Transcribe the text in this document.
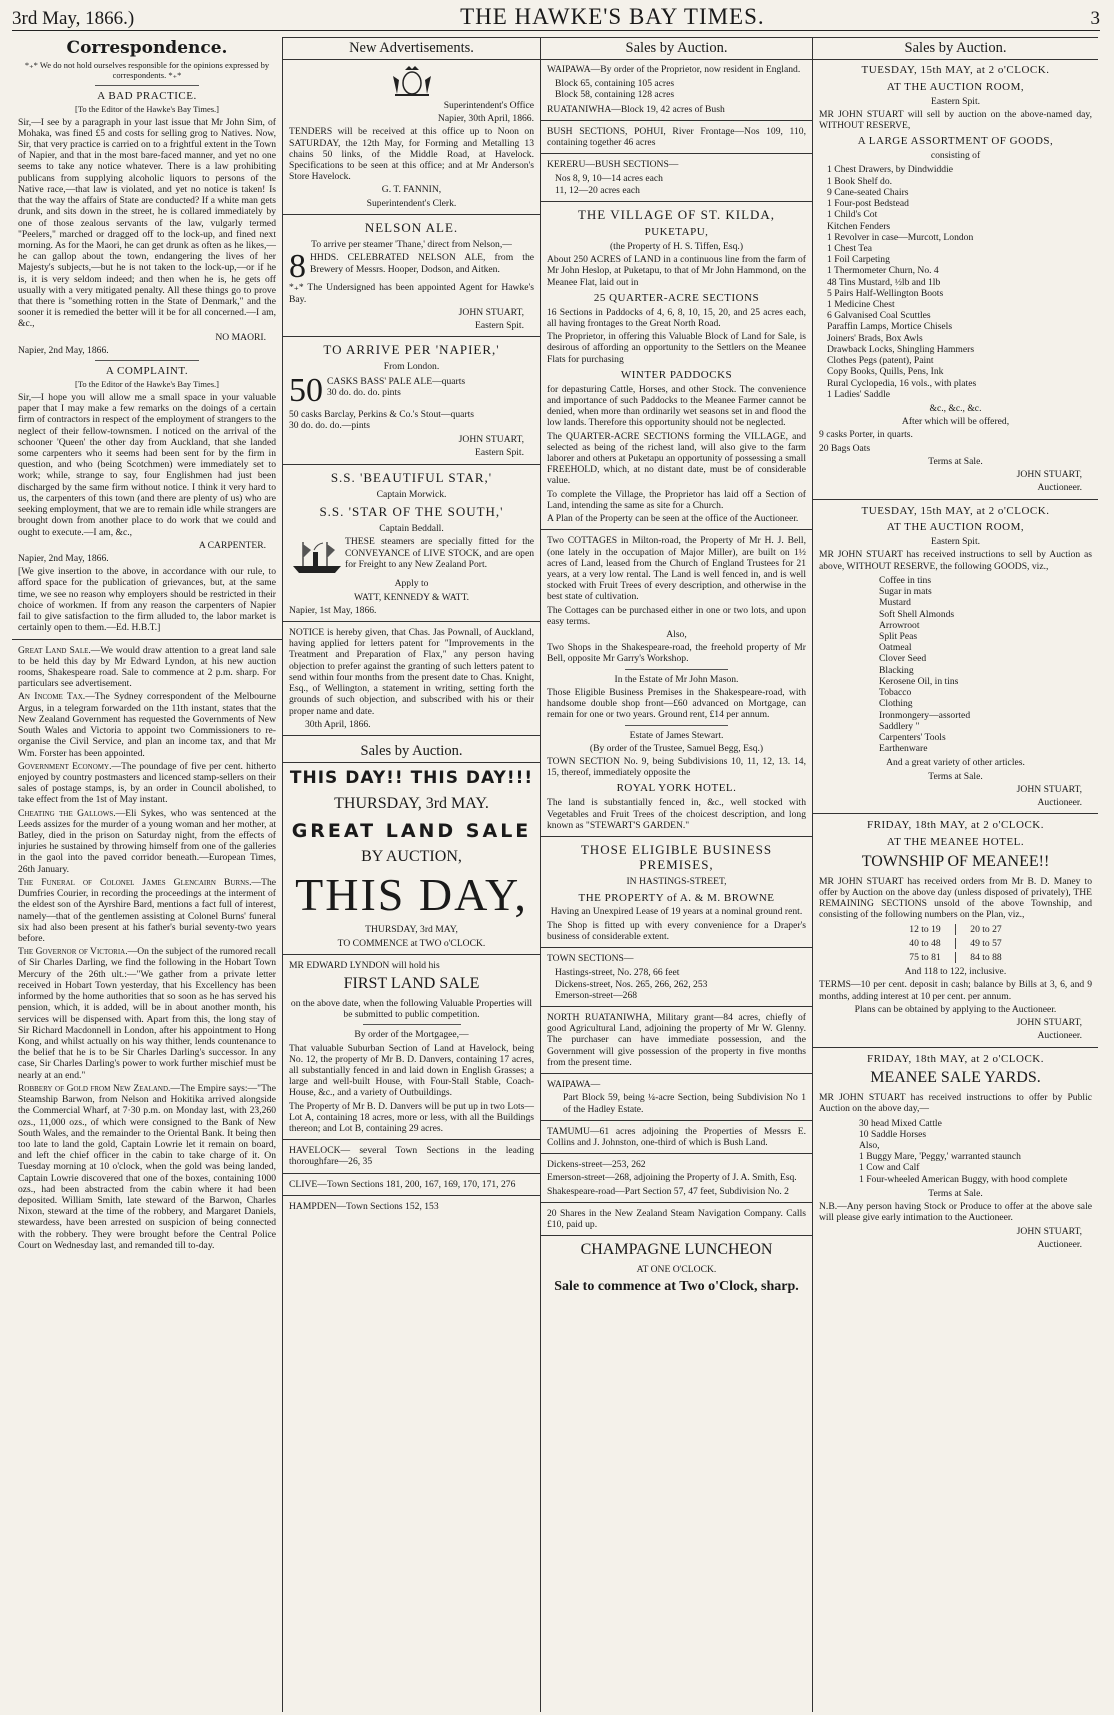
3rd May, 1866.)	THE HAWKE'S BAY TIMES.	3
Correspondence.

*₊* We do not hold ourselves responsible for the opinions expressed by correspondents. *₊*

A BAD PRACTICE.

[To the Editor of the Hawke's Bay Times.]

Sir,—I see by a paragraph in your last issue that Mr John Sim, of Mohaka, was fined £5 and costs for selling grog to Natives. Now, Sir, that very practice is carried on to a frightful extent in the Town of Napier, and that in the most bare-faced manner, and yet no one seems to take any notice whatever. There is a law prohibiting publicans from supplying alcoholic liquors to persons of the Native race,—that law is violated, and yet no notice is taken! Is that the way the affairs of State are conducted? If a white man gets drunk, and sits down in the street, he is collared immediately by one of those zealous servants of the law, vulgarly termed "Peelers," marched or dragged off to the lock-up, and fined next morning. As for the Maori, he can get drunk as often as he likes,—he can gallop about the town, endangering the lives of her Majesty's subjects,—but he is not taken to the lock-up,—or if he is, it is very seldom indeed; and then when he is, he gets off usually with a very mitigated penalty. All these things go to prove that there is "something rotten in the State of Denmark," and the sooner it is remedied the better will it be for all concerned.—I am, &c.,

NO MAORI.

Napier, 2nd May, 1866.

A COMPLAINT.

[To the Editor of the Hawke's Bay Times.]

Sir,—I hope you will allow me a small space in your valuable paper that I may make a few remarks on the doings of a certain firm of contractors in respect of the employment of strangers to the neglect of their fellow-townsmen. I noticed on the arrival of the schooner 'Queen' the other day from Auckland, that she landed some carpenters who it seems had been sent for by the firm in question, and who (being Scotchmen) were immediately set to work; while, strange to say, four Englishmen had just been discharged by the same firm without notice. I think it very hard to us, the carpenters of this town (and there are plenty of us) who are seeking employment, that we are to remain idle while strangers are brought down from another place to do work that we could and ought to execute.—I am, &c.,

A CARPENTER.

Napier, 2nd May, 1866.

[We give insertion to the above, in accordance with our rule, to afford space for the publication of grievances, but, at the same time, we see no reason why employers should be restricted in their choice of workmen. If from any reason the carpenters of Napier fail to give satisfaction to the firm alluded to, the labor market is certainly open to them.—Ed. H.B.T.]

Great Land Sale.—We would draw attention to a great land sale to be held this day by Mr Edward Lyndon, at his new auction rooms, Shakespeare road. Sale to commence at 2 p.m. sharp. For particulars see advertisement.

An Income Tax.—The Sydney correspondent of the Melbourne Argus, in a telegram forwarded on the 11th instant, states that the New Zealand Government has requested the Governments of New South Wales and Victoria to appoint two Commissioners to re-organise the Civil Service, and plan an income tax, and that Mr Wm. Forster has been appointed.

Government Economy.—The poundage of five per cent. hitherto enjoyed by country postmasters and licenced stamp-sellers on their sales of postage stamps, is, by an order in Council abolished, to take effect from the 1st of May instant.

Cheating the Gallows.—Eli Sykes, who was sentenced at the Leeds assizes for the murder of a young woman and her mother, at Batley, died in the prison on Saturday night, from the effects of injuries he sustained by throwing himself from one of the galleries in the gaol into the paved corridor beneath.—European Times, 26th January.

The Funeral of Colonel James Glencairn Burns.—The Dumfries Courier, in recording the proceedings at the interment of the eldest son of the Ayrshire Bard, mentions a fact full of interest, namely—that of the gentlemen assisting at Colonel Burns' funeral six had also been present at his father's burial seventy-two years before.

The Governor of Victoria.—On the subject of the rumored recall of Sir Charles Darling, we find the following in the Hobart Town Mercury of the 26th ult.:—"We gather from a private letter received in Hobart Town yesterday, that his Excellency has been informed by the home authorities that so soon as he has served his pension, which, it is added, will be in about another month, his services will be dispensed with. Apart from this, the long stay of Sir Richard Macdonnell in London, after his appointment to Hong Kong, and whilst actually on his way thither, lends countenance to the belief that he is to be Sir Charles Darling's successor. In any case, Sir Charles Darling's power to work further mischief must be nearly at an end."

Robbery of Gold from New Zealand.—The Empire says:—"The Steamship Barwon, from Nelson and Hokitika arrived alongside the Commercial Wharf, at 7·30 p.m. on Monday last, with 23,260 ozs., 11,000 ozs., of which were consigned to the Bank of New South Wales, and the remainder to the Oriental Bank. It being then too late to land the gold, Captain Lowrie let it remain on board, and left the chief officer in the cabin to take charge of it. On Tuesday morning at 10 o'clock, when the gold was being landed, Captain Lowrie discovered that one of the boxes, containing 1000 ozs., had been abstracted from the cabin where it had been deposited. William Smith, late steward of the Barwon, Charles Nixon, steward at the time of the robbery, and Margaret Daniels, stewardess, have been arrested on suspicion of being connected with the robbery. They were brought before the Central Police Court on Wednesday last, and remanded till to-day.

New Advertisements.

Superintendent's Office

Napier, 30th April, 1866.

TENDERS will be received at this office up to Noon on SATURDAY, the 12th May, for Forming and Metalling 13 chains 50 links, of the Middle Road, at Havelock. Specifications to be seen at this office; and at Mr Anderson's Store Havelock.

G. T. FANNIN,

Superintendent's Clerk.

NELSON ALE.

To arrive per steamer 'Thane,' direct from Nelson,—

8 HHDS. CELEBRATED NELSON ALE, from the Brewery of Messrs. Hooper, Dodson, and Aitken.

*₊* The Undersigned has been appointed Agent for Hawke's Bay.

JOHN STUART,

Eastern Spit.

TO ARRIVE PER 'NAPIER,'

From London.

50 CASKS BASS' PALE ALE—quarts
30 do. do. do. pints
50 casks Barclay, Perkins & Co.'s Stout—quarts
30 do. do. do.—pints

JOHN STUART,

Eastern Spit.

S.S. 'BEAUTIFUL STAR,'

Captain Morwick.

S.S. 'STAR OF THE SOUTH,'

Captain Beddall.

THESE steamers are specially fitted for the CONVEYANCE of LIVE STOCK, and are open for Freight to any New Zealand Port.

Apply to

WATT, KENNEDY & WATT.

Napier, 1st May, 1866.

NOTICE is hereby given, that Chas. Jas Pownall, of Auckland, having applied for letters patent for "Improvements in the Treatment and Preparation of Flax," any person having objection to prefer against the granting of such letters patent to send within four months from the present date to Chas. Knight, Esq., of Wellington, a statement in writing, setting forth the grounds of such objection, and subscribed with his or their proper name and date.

30th April, 1866.

Sales by Auction.
THIS DAY!! THIS DAY!!!
THURSDAY, 3rd MAY.
GREAT LAND SALE
BY AUCTION,
THIS DAY,

THURSDAY, 3rd MAY,

TO COMMENCE at TWO o'CLOCK.

MR EDWARD LYNDON will hold his

FIRST LAND SALE

on the above date, when the following Valuable Properties will be submitted to public competition.

By order of the Mortgagee,—

That valuable Suburban Section of Land at Havelock, being No. 12, the property of Mr B. D. Danvers, containing 17 acres, all substantially fenced in and laid down in English Grasses; a large and well-built House, with Four-Stall Stable, Coach-House, &c., and a variety of Outbuildings.

The Property of Mr B. D. Danvers will be put up in two Lots—Lot A, containing 18 acres, more or less, with all the Buildings thereon; and Lot B, containing 29 acres.

HAVELOCK— several Town Sections in the leading thoroughfare—26, 35

CLIVE—Town Sections 181, 200, 167, 169, 170, 171, 276

HAMPDEN—Town Sections 152, 153

Sales by Auction.

WAIPAWA—By order of the Proprietor, now resident in England.

Block 65, containing 105 acres
Block 58, containing 128 acres

RUATANIWHA—Block 19, 42 acres of Bush

BUSH SECTIONS, POHUI, River Frontage—Nos 109, 110, containing together 46 acres

KERERU—BUSH SECTIONS—

Nos 8, 9, 10—14 acres each
11, 12—20 acres each
THE VILLAGE OF ST. KILDA,
PUKETAPU,

(the Property of H. S. Tiffen, Esq.)

About 250 ACRES of LAND in a continuous line from the farm of Mr John Heslop, at Puketapu, to that of Mr John Hammond, on the Meanee Flat, laid out in

25 QUARTER-ACRE SECTIONS

16 Sections in Paddocks of 4, 6, 8, 10, 15, 20, and 25 acres each, all having frontages to the Great North Road.

The Proprietor, in offering this Valuable Block of Land for Sale, is desirous of affording an opportunity to the Settlers on the Meanee Flats for purchasing

WINTER PADDOCKS

for depasturing Cattle, Horses, and other Stock. The convenience and importance of such Paddocks to the Meanee Farmer cannot be denied, when more than ordinarily wet seasons set in and flood the low lands. Therefore this opportunity should not be neglected.

The QUARTER-ACRE SECTIONS forming the VILLAGE, and selected as being of the richest land, will also give to the farm laborer and others at Puketapu an opportunity of possessing a small FREEHOLD, which, at no distant date, must be of considerable value.

To complete the Village, the Proprietor has laid off a Section of Land, intending the same as site for a Church.

A Plan of the Property can be seen at the office of the Auctioneer.

Two COTTAGES in Milton-road, the Property of Mr H. J. Bell, (one lately in the occupation of Major Miller), are built on 1½ acres of Land, leased from the Church of England Trustees for 21 years, at a very low rental. The Land is well fenced in, and is well stocked with Fruit Trees of every description, and otherwise in the best state of cultivation.

The Cottages can be purchased either in one or two lots, and upon easy terms.

Also,

Two Shops in the Shakespeare-road, the freehold property of Mr Bell, opposite Mr Garry's Workshop.

In the Estate of Mr John Mason.

Those Eligible Business Premises in the Shakespeare-road, with handsome double shop front—£60 advanced on Mortgage, can remain for one or two years. Ground rent, £14 per annum.

Estate of James Stewart.

(By order of the Trustee, Samuel Begg, Esq.)

TOWN SECTION No. 9, being Subdivisions 10, 11, 12, 13. 14, 15, thereof, immediately opposite the

ROYAL YORK HOTEL.

The land is substantially fenced in, &c., well stocked with Vegetables and Fruit Trees of the choicest description, and long known as "STEWART'S GARDEN."

THOSE ELIGIBLE BUSINESS PREMISES,

IN HASTINGS-STREET,

THE PROPERTY of A. & M. BROWNE

Having an Unexpired Lease of 19 years at a nominal ground rent.

The Shop is fitted up with every convenience for a Draper's business of considerable extent.

TOWN SECTIONS—

Hastings-street, No. 278, 66 feet
Dickens-street, Nos. 265, 266, 262, 253
Emerson-street—268

NORTH RUATANIWHA, Military grant—84 acres, chiefly of good Agricultural Land, adjoining the property of Mr W. Glenny. The purchaser can have immediate possession, and the Government will give possession of the property in five months from the present time.

WAIPAWA—

Part Block 59, being ¼-acre Section, being Subdivision No 1 of the Hadley Estate.

TAMUMU—61 acres adjoining the Properties of Messrs E. Collins and J. Johnston, one-third of which is Bush Land.

Dickens-street—253, 262

Emerson-street—268, adjoining the Property of J. A. Smith, Esq.

Shakespeare-road—Part Section 57, 47 feet, Subdivision No. 2

20 Shares in the New Zealand Steam Navigation Company. Calls £10, paid up.

CHAMPAGNE LUNCHEON

AT ONE O'CLOCK.

Sale to commence at Two o'Clock, sharp.
Sales by Auction.
TUESDAY, 15th MAY, at 2 o'CLOCK.
AT THE AUCTION ROOM,

Eastern Spit.

MR JOHN STUART will sell by auction on the above-named day, WITHOUT RESERVE,

A LARGE ASSORTMENT OF GOODS,

consisting of

1 Chest Drawers, by Dindwiddie
1 Book Shelf do.
9 Cane-seated Chairs
1 Four-post Bedstead
1 Child's Cot
Kitchen Fenders
1 Revolver in case—Murcott, London
1 Chest Tea
1 Foil Carpeting
1 Thermometer Churn, No. 4
48 Tins Mustard, ½lb and 1lb
5 Pairs Half-Wellington Boots
1 Medicine Chest
6 Galvanised Coal Scuttles
Paraffin Lamps, Mortice Chisels
Joiners' Brads, Box Awls
Drawback Locks, Shingling Hammers
Clothes Pegs (patent), Paint
Copy Books, Quills, Pens, Ink
Rural Cyclopedia, 16 vols., with plates
1 Ladies' Saddle

&c., &c., &c.

After which will be offered,

9 casks Porter, in quarts.

20 Bags Oats

Terms at Sale.

JOHN STUART,

Auctioneer.

TUESDAY, 15th MAY, at 2 o'CLOCK.
AT THE AUCTION ROOM,

Eastern Spit.

MR JOHN STUART has received instructions to sell by Auction as above, WITHOUT RESERVE, the following GOODS, viz.,

Coffee in tins
Sugar in mats
Mustard
Soft Shell Almonds
Arrowroot
Split Peas
Oatmeal
Clover Seed
Blacking
Kerosene Oil, in tins
Tobacco
Clothing
Ironmongery—assorted
Saddlery "
Carpenters' Tools
Earthenware

And a great variety of other articles.

Terms at Sale.

JOHN STUART,

Auctioneer.

FRIDAY, 18th MAY, at 2 o'CLOCK.
AT THE MEANEE HOTEL.
TOWNSHIP OF MEANEE!!

MR JOHN STUART has received orders from Mr B. D. Maney to offer by Auction on the above day (unless disposed of privately), THE REMAINING SECTIONS unsold of the above Township, and consisting of the following numbers on the Plan, viz.,

12 to 19	20 to 27
40 to 48	49 to 57
75 to 81	84 to 88

And 118 to 122, inclusive.

TERMS—10 per cent. deposit in cash; balance by Bills at 3, 6, and 9 months, adding interest at 10 per cent. per annum.

Plans can be obtained by applying to the Auctioneer.

JOHN STUART,

Auctioneer.

FRIDAY, 18th MAY, at 2 o'CLOCK.
MEANEE SALE YARDS.

MR JOHN STUART has received instructions to offer by Public Auction on the above day,—

30 head Mixed Cattle
10 Saddle Horses
Also,
1 Buggy Mare, 'Peggy,' warranted staunch
1 Cow and Calf
1 Four-wheeled American Buggy, with hood complete

Terms at Sale.

N.B.—Any person having Stock or Produce to offer at the above sale will please give early intimation to the Auctioneer.

JOHN STUART,

Auctioneer.
